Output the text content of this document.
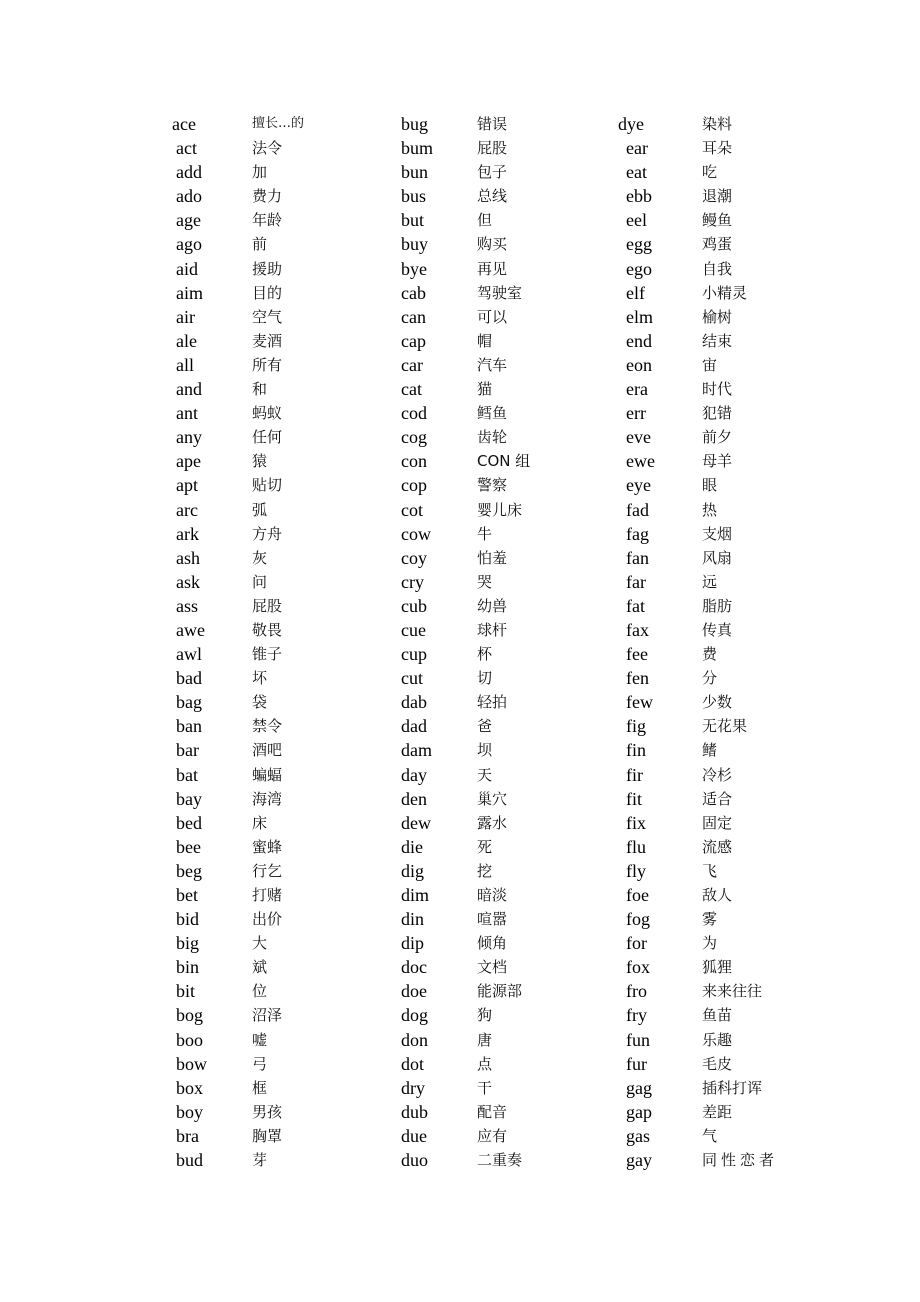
ace	擅长…的
act	法令
add	加
ado	费力
age	年龄
ago	前
aid	援助
aim	目的
air	空气
ale	麦酒
all	所有
and	和
ant	蚂蚁
any	任何
ape	猿
apt	贴切
arc	弧
ark	方舟
ash	灰
ask	问
ass	屁股
awe	敬畏
awl	锥子
bad	坏
bag	袋
ban	禁令
bar	酒吧
bat	蝙蝠
bay	海湾
bed	床
bee	蜜蜂
beg	行乞
bet	打赌
bid	出价
big	大
bin	斌
bit	位
bog	沼泽
boo	嘘
bow	弓
box	框
boy	男孩
bra	胸罩
bud	芽
bug	错误
bum	屁股
bun	包子
bus	总线
but	但
buy	购买
bye	再见
cab	驾驶室
can	可以
cap	帽
car	汽车
cat	猫
cod	鳕鱼
cog	齿轮
con	CON 组
cop	警察
cot	婴儿床
cow	牛
coy	怕羞
cry	哭
cub	幼兽
cue	球杆
cup	杯
cut	切
dab	轻拍
dad	爸
dam	坝
day	天
den	巢穴
dew	露水
die	死
dig	挖
dim	暗淡
din	喧嚣
dip	倾角
doc	文档
doe	能源部
dog	狗
don	唐
dot	点
dry	干
dub	配音
due	应有
duo	二重奏
dye	染料
ear	耳朵
eat	吃
ebb	退潮
eel	鳗鱼
egg	鸡蛋
ego	自我
elf	小精灵
elm	榆树
end	结束
eon	宙
era	时代
err	犯错
eve	前夕
ewe	母羊
eye	眼
fad	热
fag	支烟
fan	风扇
far	远
fat	脂肪
fax	传真
fee	费
fen	分
few	少数
fig	无花果
fin	鳍
fir	冷杉
fit	适合
fix	固定
flu	流感
fly	飞
foe	敌人
fog	雾
for	为
fox	狐狸
fro	来来往往
fry	鱼苗
fun	乐趣
fur	毛皮
gag	插科打诨
gap	差距
gas	气
gay	同性恋者
